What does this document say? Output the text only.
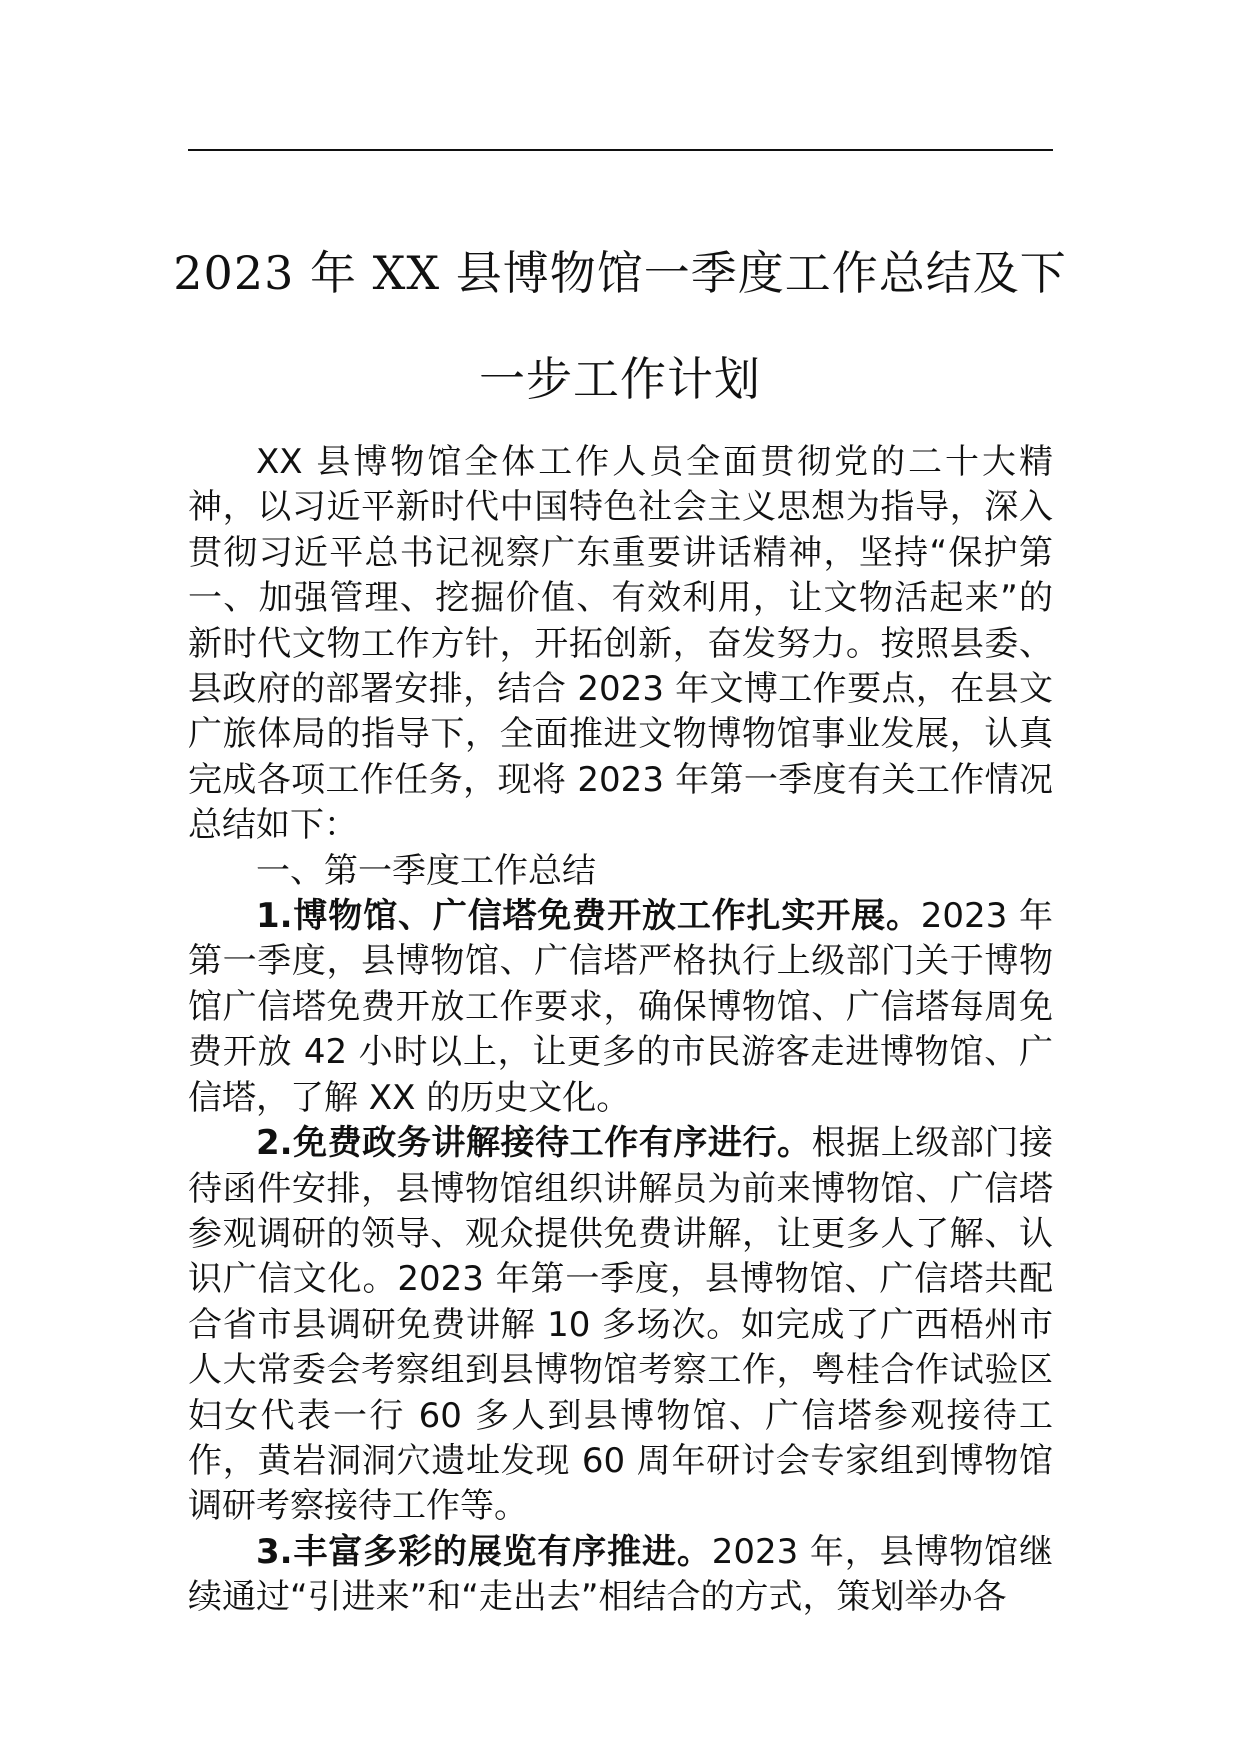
2023 年 XX 县博物馆一季度工作总结及下
一步工作计划

XX 县博物馆全体工作人员全面贯彻党的二十大精神，以习近平新时代中国特色社会主义思想为指导，深入贯彻习近平总书记视察广东重要讲话精神，坚持“保护第一、加强管理、挖掘价值、有效利用，让文物活起来”的新时代文物工作方针，开拓创新，奋发努力。按照县委、县政府的部署安排，结合 2023 年文博工作要点，在县文广旅体局的指导下，全面推进文物博物馆事业发展，认真完成各项工作任务，现将 2023 年第一季度有关工作情况总结如下：

一、第一季度工作总结

1.博物馆、广信塔免费开放工作扎实开展。2023 年第一季度，县博物馆、广信塔严格执行上级部门关于博物馆广信塔免费开放工作要求，确保博物馆、广信塔每周免费开放 42 小时以上，让更多的市民游客走进博物馆、广信塔，了解 XX 的历史文化。

2.免费政务讲解接待工作有序进行。根据上级部门接待函件安排，县博物馆组织讲解员为前来博物馆、广信塔参观调研的领导、观众提供免费讲解，让更多人了解、认识广信文化。2023 年第一季度，县博物馆、广信塔共配合省市县调研免费讲解 10 多场次。如完成了广西梧州市人大常委会考察组到县博物馆考察工作，粤桂合作试验区妇女代表一行 60 多人到县博物馆、广信塔参观接待工作，黄岩洞洞穴遗址发现 60 周年研讨会专家组到博物馆调研考察接待工作等。

3.丰富多彩的展览有序推进。2023 年，县博物馆继续通过“引进来”和“走出去”相结合的方式，策划举办各
